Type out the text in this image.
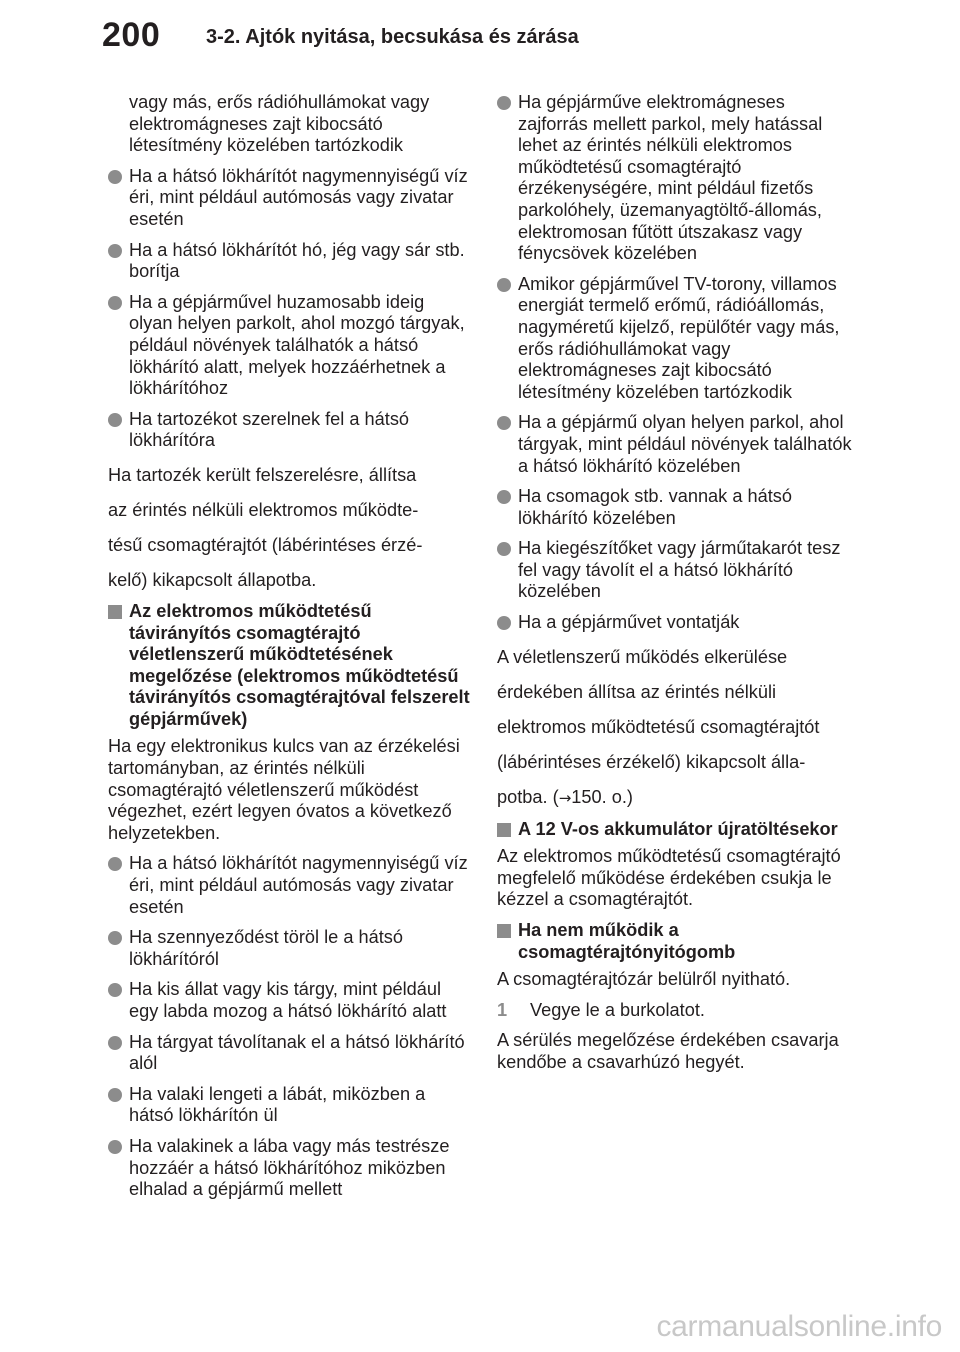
200 3-2. Ajtók nyitása, becsukása és zárása
vagy más, erős rádióhullámokat vagy elektromágneses zajt kibocsátó létesítmény közelében tartózkodik
Ha a hátsó lökhárítót nagymennyiségű víz éri, mint például autómosás vagy zivatar esetén
Ha a hátsó lökhárítót hó, jég vagy sár stb. borítja
Ha a gépjárművel huzamosabb ideig olyan helyen parkolt, ahol mozgó tárgyak, például növények találhatók a hátsó lökhárító alatt, melyek hozzáérhetnek a lökhárítóhoz
Ha tartozékot szerelnek fel a hátsó lökhárítóra
Ha tartozék került felszerelésre, állítsa
az érintés nélküli elektromos működte-
tésű csomagtérajtót (lábérintéses érzé-
kelő) kikapcsolt állapotba.
Az elektromos működtetésű távirányítós csomagtérajtó véletlenszerű működtetésének megelőzése (elektromos működtetésű távirányítós csomagtérajtóval felszerelt gépjárművek)
Ha egy elektronikus kulcs van az érzékelési tartományban, az érintés nélküli csomagtérajtó véletlenszerű működést végezhet, ezért legyen óvatos a következő helyzetekben.
Ha a hátsó lökhárítót nagymennyiségű víz éri, mint például autómosás vagy zivatar esetén
Ha szennyeződést töröl le a hátsó lökhárítóról
Ha kis állat vagy kis tárgy, mint például egy labda mozog a hátsó lökhárító alatt
Ha tárgyat távolítanak el a hátsó lökhárító alól
Ha valaki lengeti a lábát, miközben a hátsó lökhárítón ül
Ha valakinek a lába vagy más testrésze hozzáér a hátsó lökhárítóhoz miközben elhalad a gépjármű mellett
Ha gépjárműve elektromágneses zajforrás mellett parkol, mely hatással lehet az érintés nélküli elektromos működtetésű csomagtérajtó érzékenységére, mint például fizetős parkolóhely, üzemanyagtöltő-állomás, elektromosan fűtött útszakasz vagy fénycsövek közelében
Amikor gépjárművel TV-torony, villamos energiát termelő erőmű, rádióállomás, nagyméretű kijelző, repülőtér vagy más, erős rádióhullámokat vagy elektromágneses zajt kibocsátó létesítmény közelében tartózkodik
Ha a gépjármű olyan helyen parkol, ahol tárgyak, mint például növények találhatók a hátsó lökhárító közelében
Ha csomagok stb. vannak a hátsó lökhárító közelében
Ha kiegészítőket vagy járműtakarót tesz fel vagy távolít el a hátsó lökhárító közelében
Ha a gépjárművet vontatják
A véletlenszerű működés elkerülése
érdekében állítsa az érintés nélküli
elektromos működtetésű csomagtérajtót
(lábérintéses érzékelő) kikapcsolt álla-
potba. (→150. o.)
A 12 V-os akkumulátor újratöltésekor
Az elektromos működtetésű csomagtérajtó megfelelő működése érdekében csukja le kézzel a csomagtérajtót.
Ha nem működik a csomagtérajtónyitógomb
A csomagtérajtózár belülről nyitható.
1 Vegye le a burkolatot.
A sérülés megelőzése érdekében csavarja kendőbe a csavarhúzó hegyét.
carmanualsonline.info
